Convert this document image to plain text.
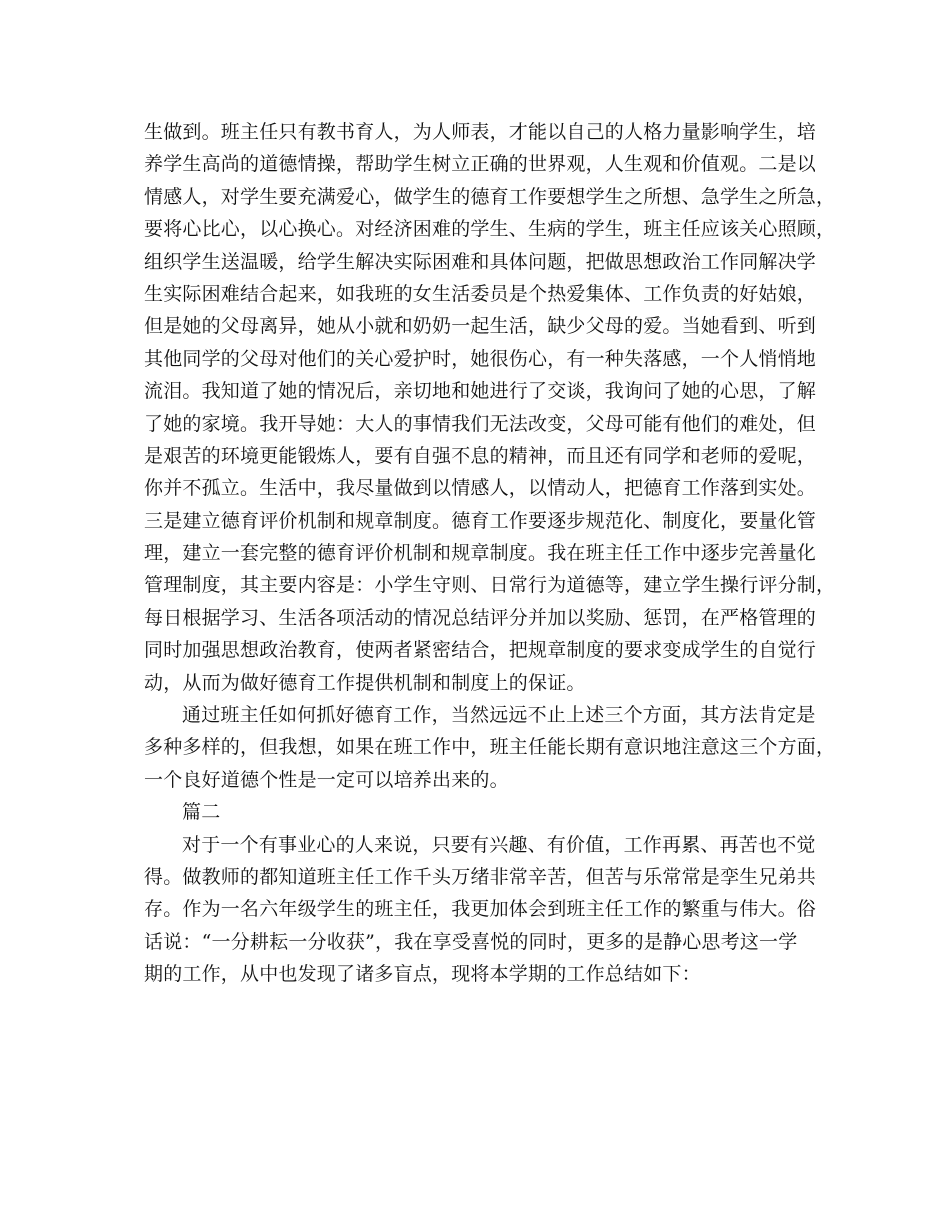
生做到。班主任只有教书育人，为人师表，才能以自己的人格力量影响学生，培
养学生高尚的道德情操，帮助学生树立正确的世界观，人生观和价值观。二是以
情感人，对学生要充满爱心，做学生的德育工作要想学生之所想、急学生之所急，
要将心比心，以心换心。对经济困难的学生、生病的学生，班主任应该关心照顾，
组织学生送温暖，给学生解决实际困难和具体问题，把做思想政治工作同解决学
生实际困难结合起来，如我班的女生活委员是个热爱集体、工作负责的好姑娘，
但是她的父母离异，她从小就和奶奶一起生活，缺少父母的爱。当她看到、听到
其他同学的父母对他们的关心爱护时，她很伤心，有一种失落感，一个人悄悄地
流泪。我知道了她的情况后，亲切地和她进行了交谈，我询问了她的心思，了解
了她的家境。我开导她：大人的事情我们无法改变，父母可能有他们的难处，但
是艰苦的环境更能锻炼人，要有自强不息的精神，而且还有同学和老师的爱呢，
你并不孤立。生活中，我尽量做到以情感人，以情动人，把德育工作落到实处。
三是建立德育评价机制和规章制度。德育工作要逐步规范化、制度化，要量化管
理，建立一套完整的德育评价机制和规章制度。我在班主任工作中逐步完善量化
管理制度，其主要内容是：小学生守则、日常行为道德等，建立学生操行评分制，
每日根据学习、生活各项活动的情况总结评分并加以奖励、惩罚，在严格管理的
同时加强思想政治教育，使两者紧密结合，把规章制度的要求变成学生的自觉行
动，从而为做好德育工作提供机制和制度上的保证。
通过班主任如何抓好德育工作，当然远远不止上述三个方面，其方法肯定是
多种多样的，但我想，如果在班工作中，班主任能长期有意识地注意这三个方面，
一个良好道德个性是一定可以培养出来的。
篇二
对于一个有事业心的人来说，只要有兴趣、有价值，工作再累、再苦也不觉
得。做教师的都知道班主任工作千头万绪非常辛苦，但苦与乐常常是孪生兄弟共
存。作为一名六年级学生的班主任，我更加体会到班主任工作的繁重与伟大。俗
话说：“一分耕耘一分收获”，我在享受喜悦的同时，更多的是静心思考这一学
期的工作，从中也发现了诸多盲点，现将本学期的工作总结如下：
